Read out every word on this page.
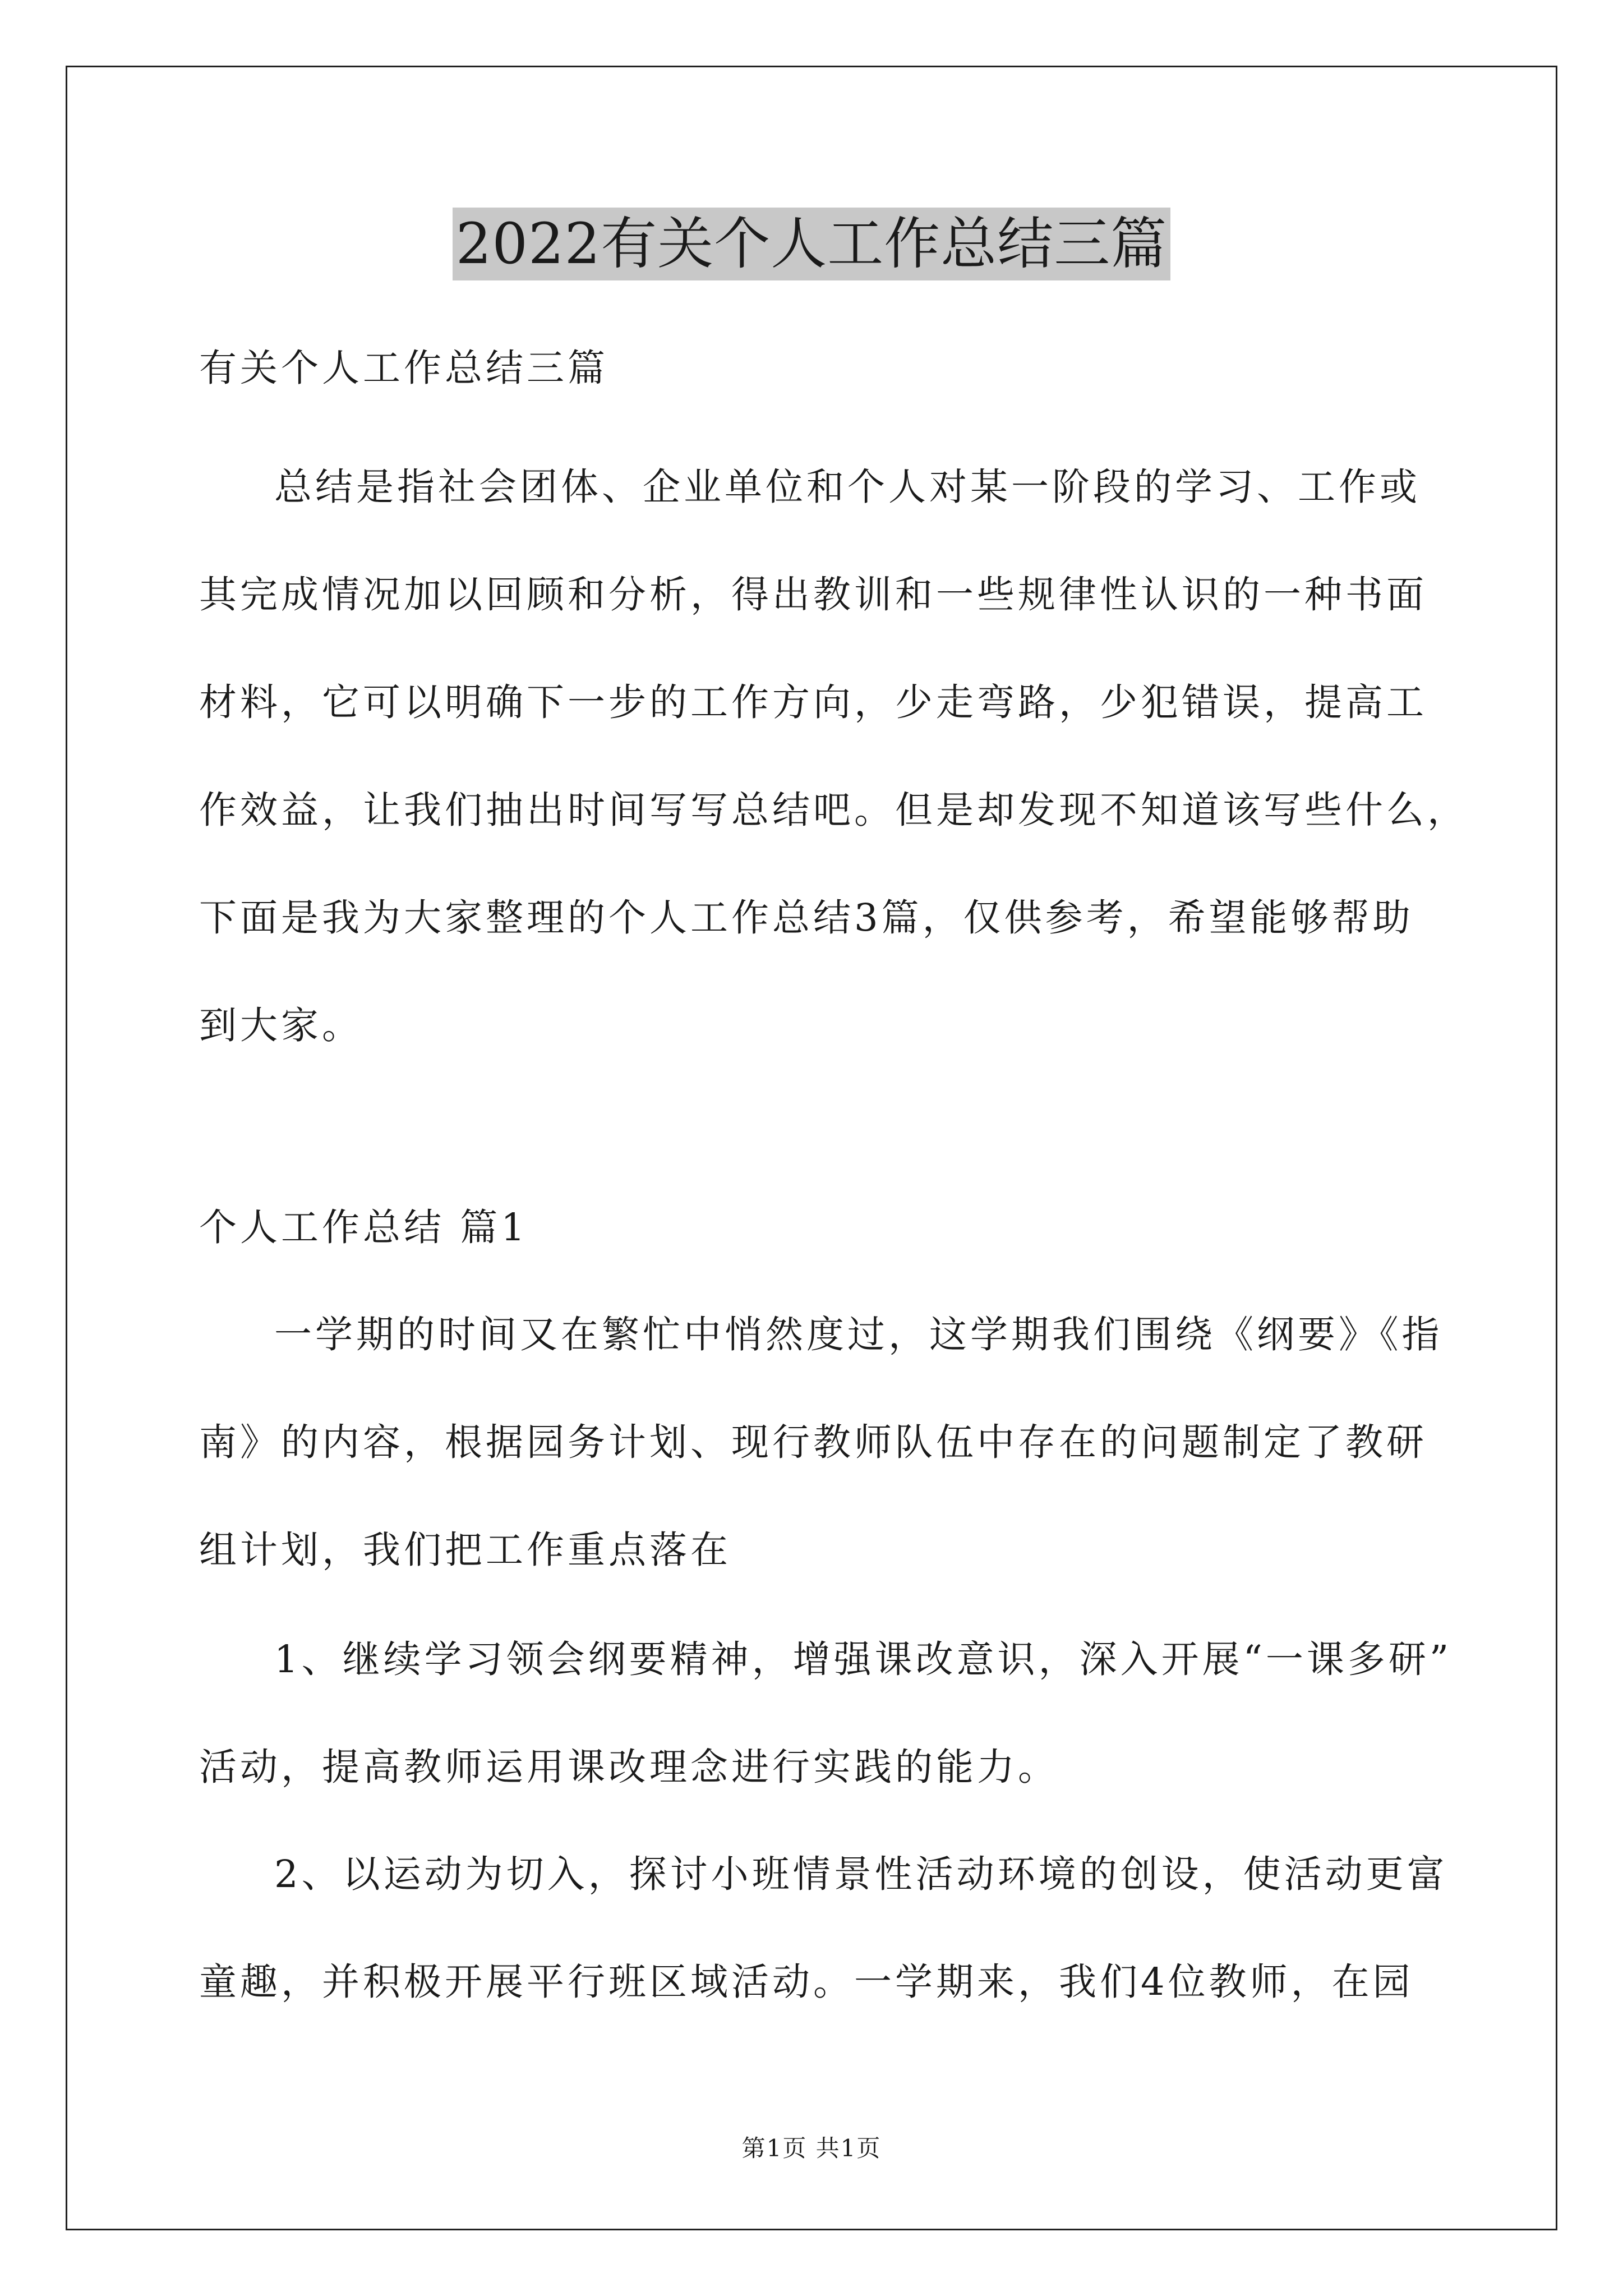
2022有关个人工作总结三篇
有关个人工作总结三篇
总结是指社会团体、企业单位和个人对某一阶段的学习、工作或
其完成情况加以回顾和分析，得出教训和一些规律性认识的一种书面
材料，它可以明确下一步的工作方向，少走弯路，少犯错误，提高工
作效益，让我们抽出时间写写总结吧。但是却发现不知道该写些什么，
下面是我为大家整理的个人工作总结3篇，仅供参考，希望能够帮助
到大家。
个人工作总结 篇1
一学期的时间又在繁忙中悄然度过，这学期我们围绕《纲要》《指
南》的内容，根据园务计划、现行教师队伍中存在的问题制定了教研
组计划，我们把工作重点落在
1、继续学习领会纲要精神，增强课改意识，深入开展“一课多研”
活动，提高教师运用课改理念进行实践的能力。
2、以运动为切入，探讨小班情景性活动环境的创设，使活动更富
童趣，并积极开展平行班区域活动。一学期来，我们4位教师，在园
第1页 共1页
